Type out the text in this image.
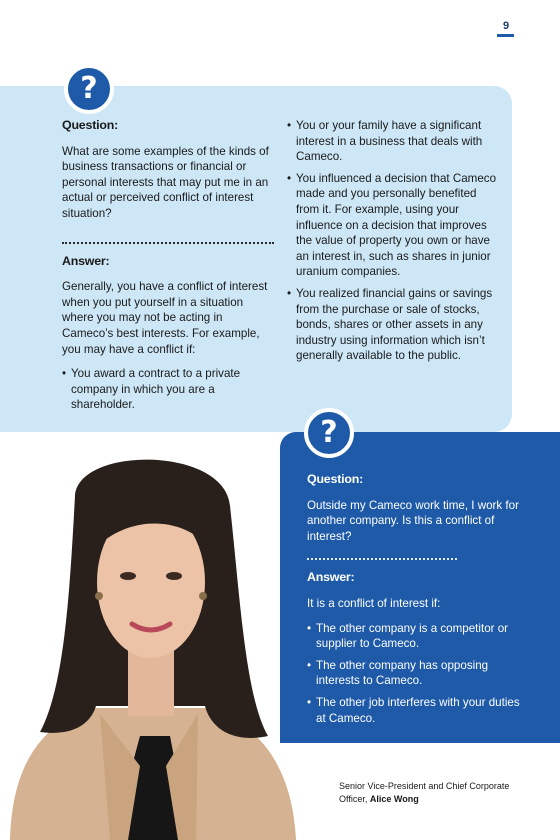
9
?
Question:
What are some examples of the kinds of business transactions or financial or personal interests that may put me in an actual or perceived conflict of interest situation?
Answer:
Generally, you have a conflict of interest when you put yourself in a situation where you may not be acting in Cameco’s best interests. For example, you may have a conflict if:
• You award a contract to a private company in which you are a shareholder.
• You or your family have a significant interest in a business that deals with Cameco.
• You influenced a decision that Cameco made and you personally benefited from it. For example, using your influence on a decision that improves the value of property you own or have an interest in, such as shares in junior uranium companies.
• You realized financial gains or savings from the purchase or sale of stocks, bonds, shares or other assets in any industry using information which isn’t generally available to the public.
?
Question:
Outside my Cameco work time, I work for another company. Is this a conflict of interest?
Answer:
It is a conflict of interest if:
• The other company is a competitor or supplier to Cameco.
• The other company has opposing interests to Cameco.
• The other job interferes with your duties at Cameco.
Senior Vice-President and Chief Corporate Officer, Alice Wong
